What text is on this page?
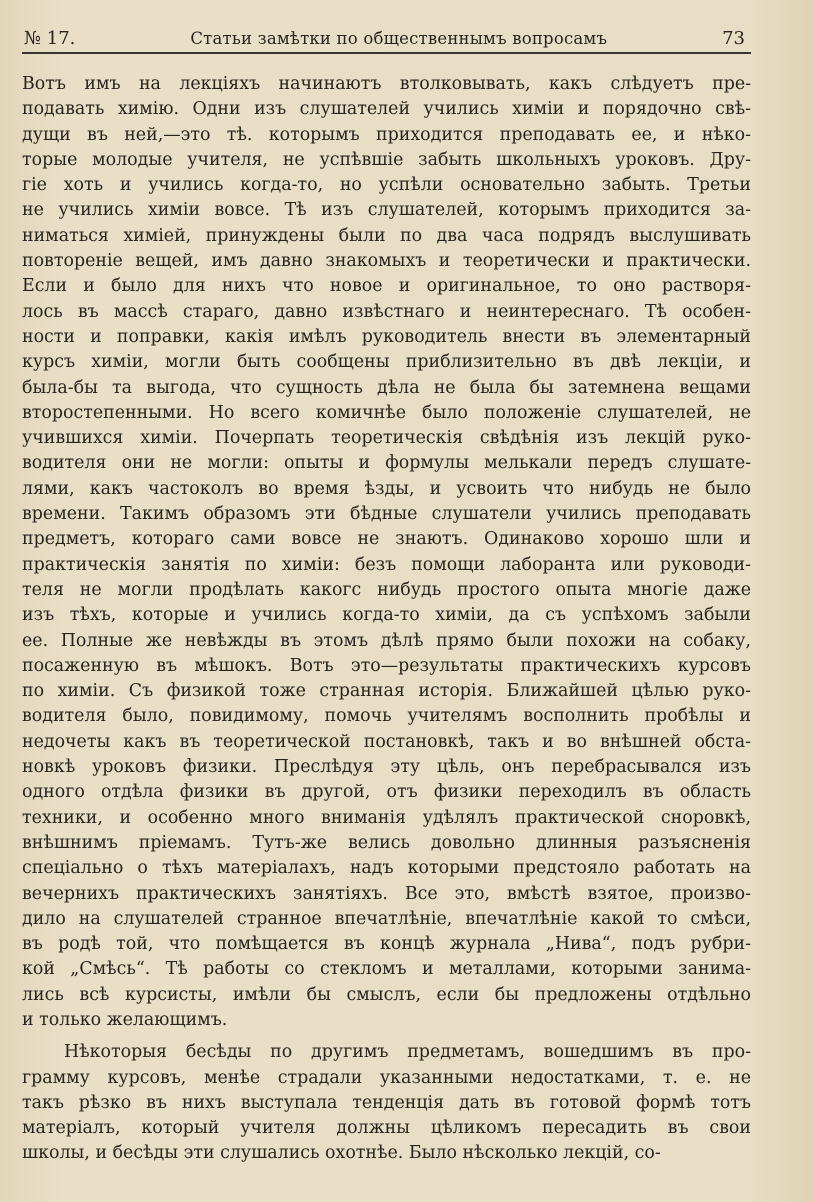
№ 17.	Статьи замѣтки по общественнымъ вопросамъ	73
Вотъ имъ на лекціяхъ начинаютъ втолковывать, какъ слѣдуетъ пре-
подавать химію. Одни изъ слушателей учились химіи и порядочно свѣ-
дущи въ ней,—это тѣ. которымъ приходится преподавать ее, и нѣко-
торые молодые учителя, не успѣвшіе забыть школьныхъ уроковъ. Дру-
гіе хоть и учились когда-то, но успѣли основательно забыть. Третьи
не учились химіи вовсе. Тѣ изъ слушателей, которымъ приходится за-
ниматься химіей, принуждены были по два часа подрядъ выслушивать
повтореніе вещей, имъ давно знакомыхъ и теоретически и практически.
Если и было для нихъ что новое и оригинальное, то оно растворя-
лось въ массѣ стараго, давно извѣстнаго и неинтереснаго. Тѣ особен-
ности и поправки, какія имѣлъ руководитель внести въ элементарный
курсъ химіи, могли быть сообщены приблизительно въ двѣ лекціи, и
была-бы та выгода, что сущность дѣла не была бы затемнена вещами
второстепенными. Но всего комичнѣе было положеніе слушателей, не
учившихся химіи. Почерпать теоретическія свѣдѣнія изъ лекцій руко-
водителя они не могли: опыты и формулы мелькали передъ слушате-
лями, какъ частоколъ во время ѣзды, и усвоить что нибудь не было
времени. Такимъ образомъ эти бѣдные слушатели учились преподавать
предметъ, котораго сами вовсе не знаютъ. Одинаково хорошо шли и
практическія занятія по химіи: безъ помощи лаборанта или руководи-
теля не могли продѣлать какогс нибудь простого опыта многіе даже
изъ тѣхъ, которые и учились когда-то химіи, да съ успѣхомъ забыли
ее. Полные же невѣжды въ этомъ дѣлѣ прямо были похожи на собаку,
посаженную въ мѣшокъ. Вотъ это—результаты практическихъ курсовъ
по химіи. Съ физикой тоже странная исторія. Ближайшей цѣлью руко-
водителя было, повидимому, помочь учителямъ восполнить пробѣлы и
недочеты какъ въ теоретической постановкѣ, такъ и во внѣшней обста-
новкѣ уроковъ физики. Преслѣдуя эту цѣль, онъ перебрасывался изъ
одного отдѣла физики въ другой, отъ физики переходилъ въ область
техники, и особенно много вниманія удѣлялъ практической сноровкѣ,
внѣшнимъ пріемамъ. Тутъ-же велись довольно длинныя разъясненія
спеціально о тѣхъ матеріалахъ, надъ которыми предстояло работать на
вечернихъ практическихъ занятіяхъ. Все это, вмѣстѣ взятое, произво-
дило на слушателей странное впечатлѣніе, впечатлѣніе какой то смѣси,
въ родѣ той, что помѣщается въ концѣ журнала „Нива“, подъ рубри-
кой „Смѣсь“. Тѣ работы со стекломъ и металлами, которыми занима-
лись всѣ курсисты, имѣли бы смыслъ, если бы предложены отдѣльно
и только желающимъ.
Нѣкоторыя бесѣды по другимъ предметамъ, вошедшимъ въ про-
грамму курсовъ, менѣе страдали указанными недостатками, т. е. не
такъ рѣзко въ нихъ выступала тенденція дать въ готовой формѣ тотъ
матеріалъ, который учителя должны цѣликомъ пересадить въ свои
школы, и бесѣды эти слушались охотнѣе. Было нѣсколько лекцій, со-
